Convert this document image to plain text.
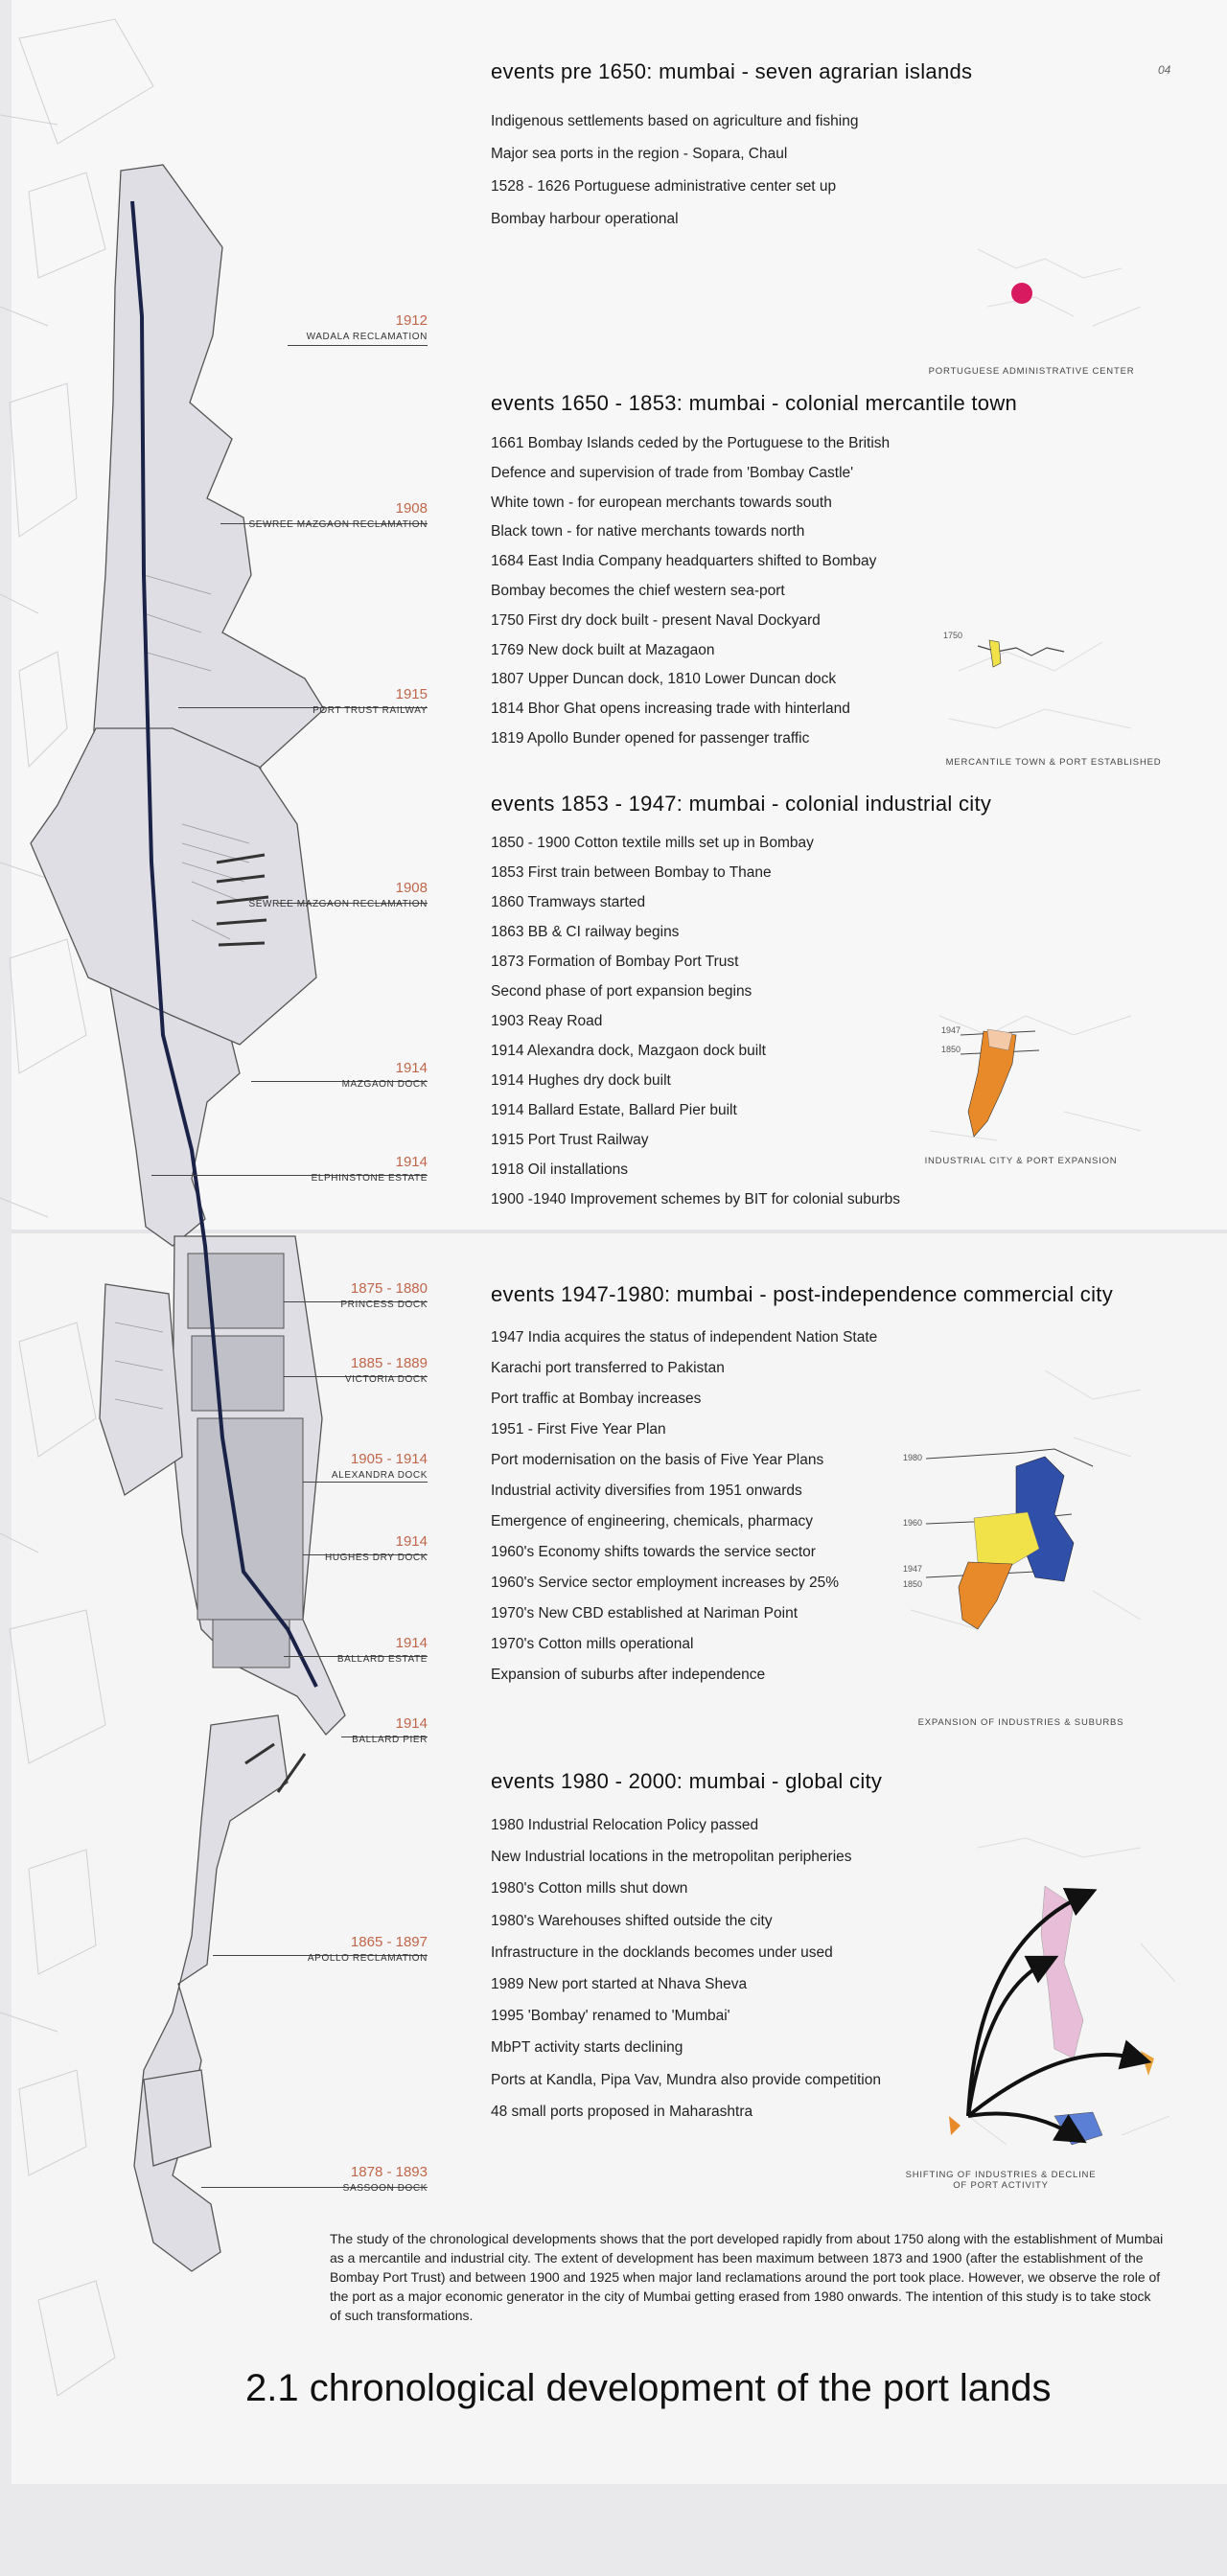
1912
WADALA RECLAMATION
1908
SEWREE MAZGAON RECLAMATION
1915
PORT TRUST RAILWAY
1908
SEWREE MAZGAON RECLAMATION
1914
MAZGAON DOCK
1914
ELPHINSTONE ESTATE
1875 - 1880
PRINCESS DOCK
1885 - 1889
VICTORIA DOCK
1905 - 1914
ALEXANDRA DOCK
1914
HUGHES DRY DOCK
1914
BALLARD ESTATE
1914
BALLARD PIER
1865 - 1897
APOLLO RECLAMATION
1878 - 1893
SASSOON DOCK
04
events pre 1650: mumbai - seven agrarian islands
Indigenous settlements based on agriculture and fishing
Major sea ports in the region - Sopara, Chaul
1528 - 1626 Portuguese administrative center set up
Bombay harbour operational
PORTUGUESE ADMINISTRATIVE CENTER
events 1650 - 1853: mumbai - colonial mercantile town
1661 Bombay Islands ceded by the Portuguese to the British
Defence and supervision of trade from 'Bombay Castle'
White town - for european merchants towards south
Black town - for native merchants towards north
1684 East India Company headquarters shifted to Bombay
Bombay becomes the chief western sea-port
1750 First dry dock built - present Naval Dockyard
1769 New dock built at Mazagaon
1807 Upper Duncan dock, 1810 Lower Duncan dock
1814 Bhor Ghat opens increasing trade with hinterland
1819 Apollo Bunder opened for passenger traffic
1750
MERCANTILE TOWN & PORT ESTABLISHED
events 1853 - 1947: mumbai - colonial industrial city
1850 - 1900 Cotton textile mills set up in Bombay
1853 First train between Bombay to Thane
1860 Tramways started
1863 BB & CI railway begins
1873 Formation of Bombay Port Trust
Second phase of port expansion begins
1903 Reay Road
1914 Alexandra dock, Mazgaon dock built
1914 Hughes dry dock built
1914 Ballard Estate, Ballard Pier built
1915 Port Trust Railway
1918 Oil installations
1900 -1940 Improvement schemes by BIT for colonial suburbs
1947
1850
INDUSTRIAL CITY & PORT EXPANSION
events 1947-1980: mumbai - post-independence commercial city
1947 India acquires the status of independent Nation State
Karachi port transferred to Pakistan
Port traffic at Bombay increases
1951 - First Five Year Plan
Port modernisation on the basis of Five Year Plans
Industrial activity diversifies from 1951 onwards
Emergence of engineering, chemicals, pharmacy
1960's Economy shifts towards the service sector
1960's Service sector employment increases by 25%
1970's New CBD established at Nariman Point
1970's Cotton mills operational
Expansion of suburbs after independence
1980
1960
1947
1850
EXPANSION OF INDUSTRIES & SUBURBS
events 1980 - 2000: mumbai - global city
1980 Industrial Relocation Policy passed
New Industrial locations in the metropolitan peripheries
1980's Cotton mills shut down
1980's Warehouses shifted outside the city
Infrastructure in the docklands becomes under used
1989 New port started at Nhava Sheva
1995 'Bombay' renamed to 'Mumbai'
MbPT activity starts declining
Ports at Kandla, Pipa Vav, Mundra also provide competition
48 small ports proposed in Maharashtra
SHIFTING OF INDUSTRIES & DECLINE OF PORT ACTIVITY

The study of the chronological developments shows that the port developed rapidly from about 1750 along with the establishment of Mumbai as a mercantile and industrial city. The extent of development has been maximum between 1873 and 1900 (after the establishment of the Bombay Port Trust) and between 1900 and 1925 when major land reclamations around the port took place. However, we observe the role of the port as a major economic generator in the city of Mumbai getting erased from 1980 onwards. The intention of this study is to take stock of such transformations.

2.1 chronological development of the port lands
